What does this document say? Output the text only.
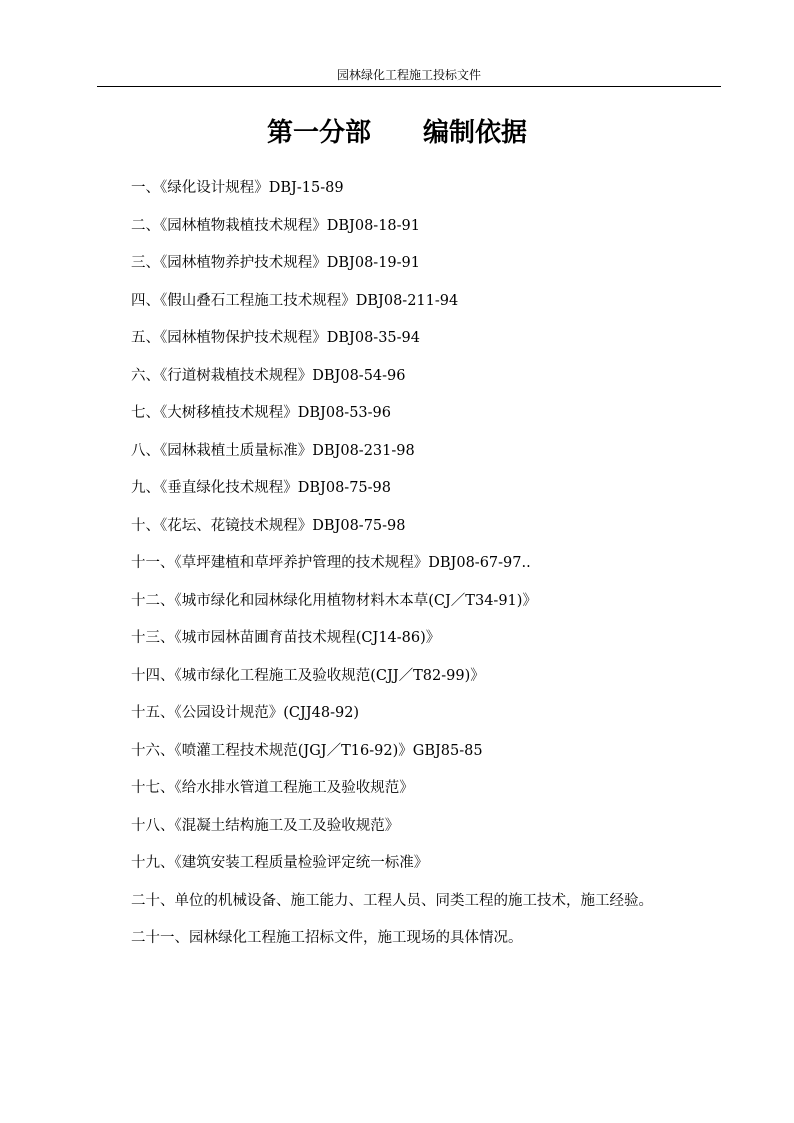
园林绿化工程施工投标文件
第一分部　　编制依据
一、《绿化设计规程》DBJ-15-89
二、《园林植物栽植技术规程》DBJ08-18-91
三、《园林植物养护技术规程》DBJ08-19-91
四、《假山叠石工程施工技术规程》DBJ08-211-94
五、《园林植物保护技术规程》DBJ08-35-94
六、《行道树栽植技术规程》DBJ08-54-96
七、《大树移植技术规程》DBJ08-53-96
八、《园林栽植土质量标准》DBJ08-231-98
九、《垂直绿化技术规程》DBJ08-75-98
十、《花坛、花镜技术规程》DBJ08-75-98
十一、《草坪建植和草坪养护管理的技术规程》DBJ08-67-97..
十二、《城市绿化和园林绿化用植物材料木本草(CJ／T34-91)》
十三、《城市园林苗圃育苗技术规程(CJ14-86)》
十四、《城市绿化工程施工及验收规范(CJJ／T82-99)》
十五、《公园设计规范》(CJJ48-92)
十六、《喷灌工程技术规范(JGJ／T16-92)》GBJ85-85
十七、《给水排水管道工程施工及验收规范》
十八、《混凝土结构施工及工及验收规范》
十九、《建筑安装工程质量检验评定统一标准》
二十、单位的机械设备、施工能力、工程人员、同类工程的施工技术，施工经验。
二十一、园林绿化工程施工招标文件，施工现场的具体情况。
